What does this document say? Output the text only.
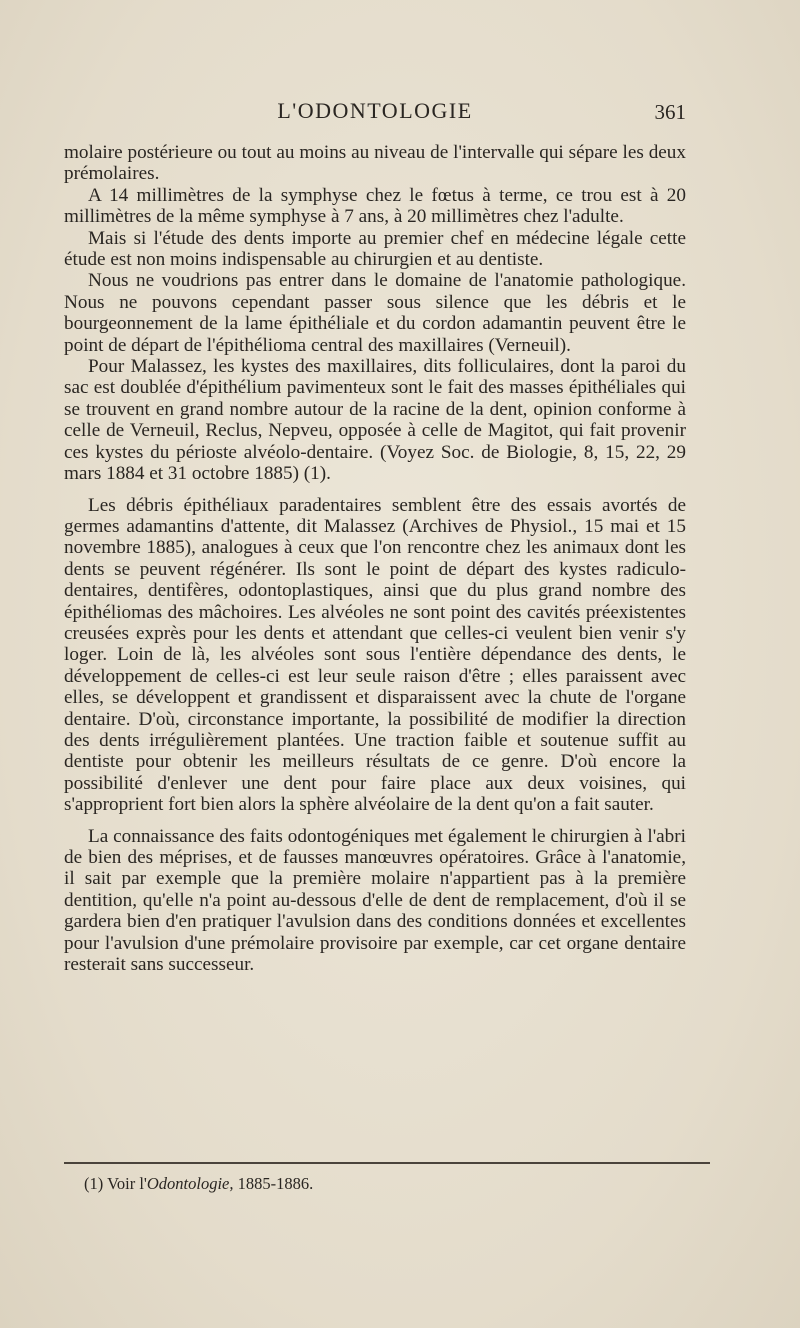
L'ODONTOLOGIE	361

molaire postérieure ou tout au moins au niveau de l'intervalle qui sépare les deux prémolaires.

A 14 millimètres de la symphyse chez le fœtus à terme, ce trou est à 20 millimètres de la même symphyse à 7 ans, à 20 millimètres chez l'adulte.

Mais si l'étude des dents importe au premier chef en médecine légale cette étude est non moins indispensable au chirurgien et au dentiste.

Nous ne voudrions pas entrer dans le domaine de l'anatomie pathologique. Nous ne pouvons cependant passer sous silence que les débris et le bourgeonnement de la lame épithéliale et du cordon adamantin peuvent être le point de départ de l'épithélioma central des maxillaires (Verneuil).

Pour Malassez, les kystes des maxillaires, dits folliculaires, dont la paroi du sac est doublée d'épithélium pavimenteux sont le fait des masses épithéliales qui se trouvent en grand nombre autour de la racine de la dent, opinion conforme à celle de Verneuil, Reclus, Nepveu, opposée à celle de Magitot, qui fait provenir ces kystes du périoste alvéolo-dentaire. (Voyez Soc. de Biologie, 8, 15, 22, 29 mars 1884 et 31 octobre 1885) (1).

Les débris épithéliaux paradentaires semblent être des essais avortés de germes adamantins d'attente, dit Malassez (Archives de Physiol., 15 mai et 15 novembre 1885), analogues à ceux que l'on rencontre chez les animaux dont les dents se peuvent régénérer. Ils sont le point de départ des kystes radiculo-dentaires, dentifères, odontoplastiques, ainsi que du plus grand nombre des épithéliomas des mâchoires. Les alvéoles ne sont point des cavités préexistentes creusées exprès pour les dents et attendant que celles-ci veulent bien venir s'y loger. Loin de là, les alvéoles sont sous l'entière dépendance des dents, le développement de celles-ci est leur seule raison d'être ; elles paraissent avec elles, se développent et grandissent et disparaissent avec la chute de l'organe dentaire. D'où, circonstance importante, la possibilité de modifier la direction des dents irrégulièrement plantées. Une traction faible et soutenue suffit au dentiste pour obtenir les meilleurs résultats de ce genre. D'où encore la possibilité d'enlever une dent pour faire place aux deux voisines, qui s'approprient fort bien alors la sphère alvéolaire de la dent qu'on a fait sauter.

La connaissance des faits odontogéniques met également le chirurgien à l'abri de bien des méprises, et de fausses manœuvres opératoires. Grâce à l'anatomie, il sait par exemple que la première molaire n'appartient pas à la première dentition, qu'elle n'a point au-dessous d'elle de dent de remplacement, d'où il se gardera bien d'en pratiquer l'avulsion dans des conditions données et excellentes pour l'avulsion d'une prémolaire provisoire par exemple, car cet organe dentaire resterait sans successeur.

(1) Voir l'Odontologie, 1885-1886.
